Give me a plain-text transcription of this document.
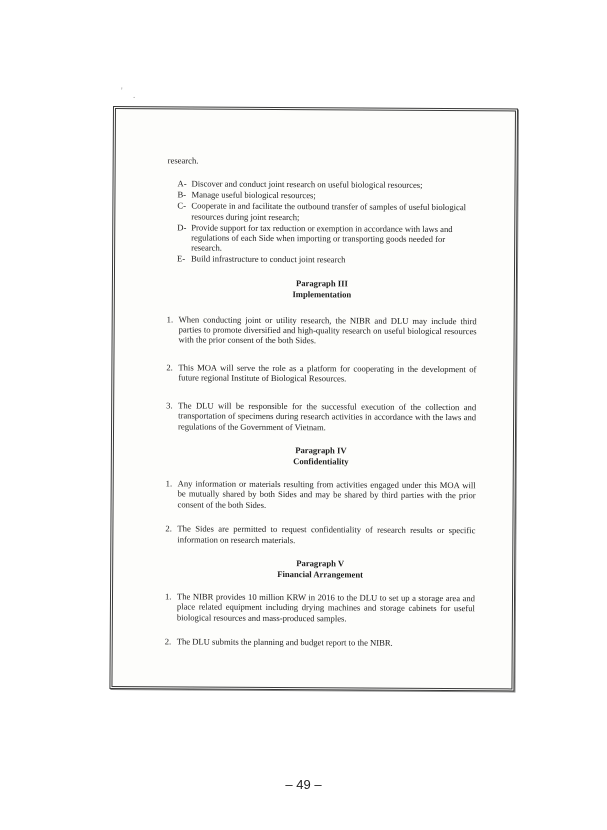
' .

research.

A- Discover and conduct joint research on useful biological resources;
B- Manage useful biological resources;
C- Cooperate in and facilitate the outbound transfer of samples of useful biological resources during joint research;
D- Provide support for tax reduction or exemption in accordance with laws and regulations of each Side when importing or transporting goods needed for research.
E- Build infrastructure to conduct joint research
Paragraph III
Implementation
1. When conducting joint or utility research, the NIBR and DLU may include third parties to promote diversified and high-quality research on useful biological resources with the prior consent of the both Sides.
2. This MOA will serve the role as a platform for cooperating in the development of future regional Institute of Biological Resources.
3. The DLU will be responsible for the successful execution of the collection and transportation of specimens during research activities in accordance with the laws and regulations of the Government of Vietnam.
Paragraph IV
Confidentiality
1. Any information or materials resulting from activities engaged under this MOA will be mutually shared by both Sides and may be shared by third parties with the prior consent of the both Sides.
2. The Sides are permitted to request confidentiality of research results or specific information on research materials.
Paragraph V
Financial Arrangement
1. The NIBR provides 10 million KRW in 2016 to the DLU to set up a storage area and place related equipment including drying machines and storage cabinets for useful biological resources and mass-produced samples.
2. The DLU submits the planning and budget report to the NIBR.
– 49 –
